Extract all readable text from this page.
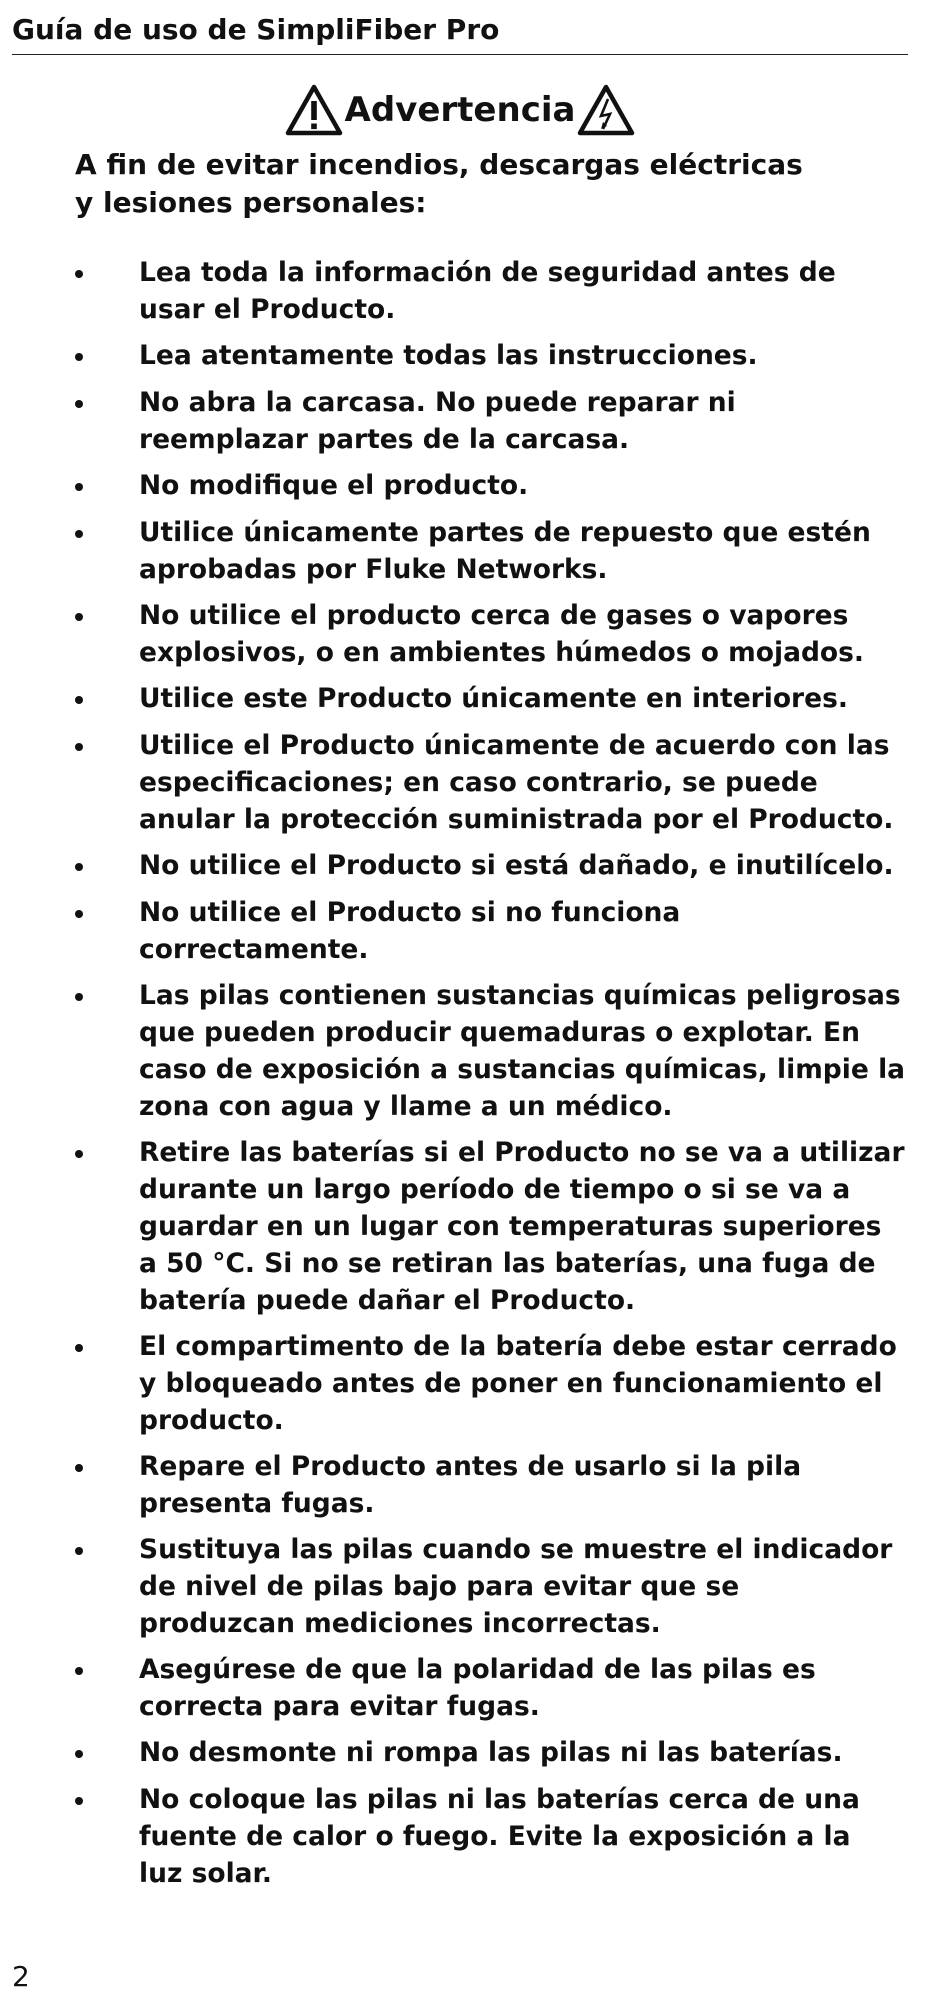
Guía de uso de SimpliFiber Pro
Advertencia

A fin de evitar incendios, descargas eléctricas
y lesiones personales:

Lea toda la información de seguridad antes de
usar el Producto.
Lea atentamente todas las instrucciones.
No abra la carcasa. No puede reparar ni
reemplazar partes de la carcasa.
No modifique el producto.
Utilice únicamente partes de repuesto que estén
aprobadas por Fluke Networks.
No utilice el producto cerca de gases o vapores
explosivos, o en ambientes húmedos o mojados.
Utilice este Producto únicamente en interiores.
Utilice el Producto únicamente de acuerdo con las
especificaciones; en caso contrario, se puede
anular la protección suministrada por el Producto.
No utilice el Producto si está dañado, e inutilícelo.
No utilice el Producto si no funciona
correctamente.
Las pilas contienen sustancias químicas peligrosas
que pueden producir quemaduras o explotar. En
caso de exposición a sustancias químicas, limpie la
zona con agua y llame a un médico.
Retire las baterías si el Producto no se va a utilizar
durante un largo período de tiempo o si se va a
guardar en un lugar con temperaturas superiores
a 50 °C. Si no se retiran las baterías, una fuga de
batería puede dañar el Producto.
El compartimento de la batería debe estar cerrado
y bloqueado antes de poner en funcionamiento el
producto.
Repare el Producto antes de usarlo si la pila
presenta fugas.
Sustituya las pilas cuando se muestre el indicador
de nivel de pilas bajo para evitar que se
produzcan mediciones incorrectas.
Asegúrese de que la polaridad de las pilas es
correcta para evitar fugas.
No desmonte ni rompa las pilas ni las baterías.
No coloque las pilas ni las baterías cerca de una
fuente de calor o fuego. Evite la exposición a la
luz solar.
2
